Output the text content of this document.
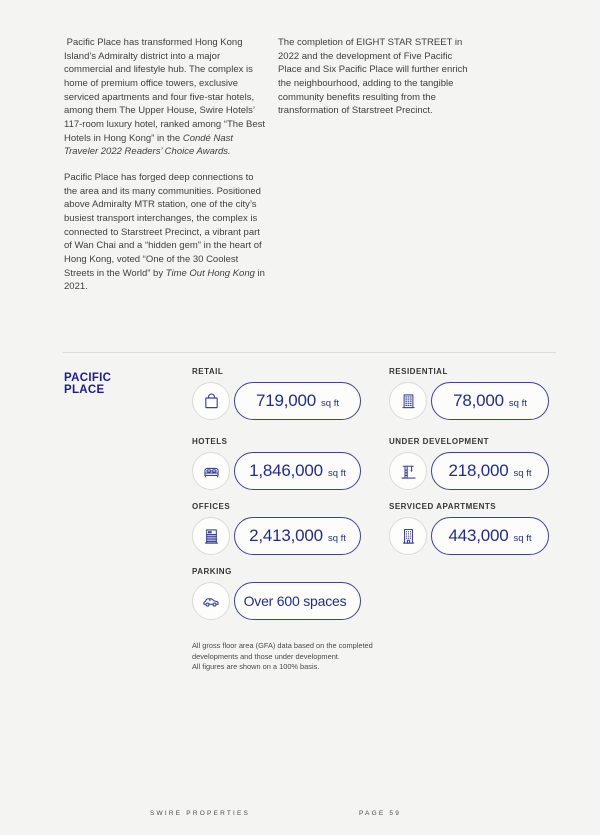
Pacific Place has transformed Hong Kong Island’s Admiralty district into a major commercial and lifestyle hub. The complex is home of premium office towers, exclusive serviced apartments and four five-star hotels, among them The Upper House, Swire Hotels’ 117-room luxury hotel, ranked among “The Best Hotels in Hong Kong” in the Condé Nast Traveler 2022 Readers’ Choice Awards.

Pacific Place has forged deep connections to the area and its many communities. Positioned above Admiralty MTR station, one of the city’s busiest transport interchanges, the complex is connected to Starstreet Precinct, a vibrant part of Wan Chai and a “hidden gem” in the heart of Hong Kong, voted “One of the 30 Coolest Streets in the World” by Time Out Hong Kong in 2021.

The completion of EIGHT STAR STREET in 2022 and the development of Five Pacific Place and Six Pacific Place will further enrich the neighbourhood, adding to the tangible community benefits resulting from the transformation of Starstreet Precinct.

PACIFIC
PLACE
RETAIL
719,000 sq ft
RESIDENTIAL
78,000 sq ft
HOTELS
1,846,000 sq ft
UNDER DEVELOPMENT
218,000 sq ft
OFFICES
2,413,000 sq ft
SERVICED APARTMENTS
443,000 sq ft
PARKING
Over 600 spaces
All gross floor area (GFA) data based on the completed developments and those under development.
All figures are shown on a 100% basis.
SWIRE PROPERTIES	PAGE 59
